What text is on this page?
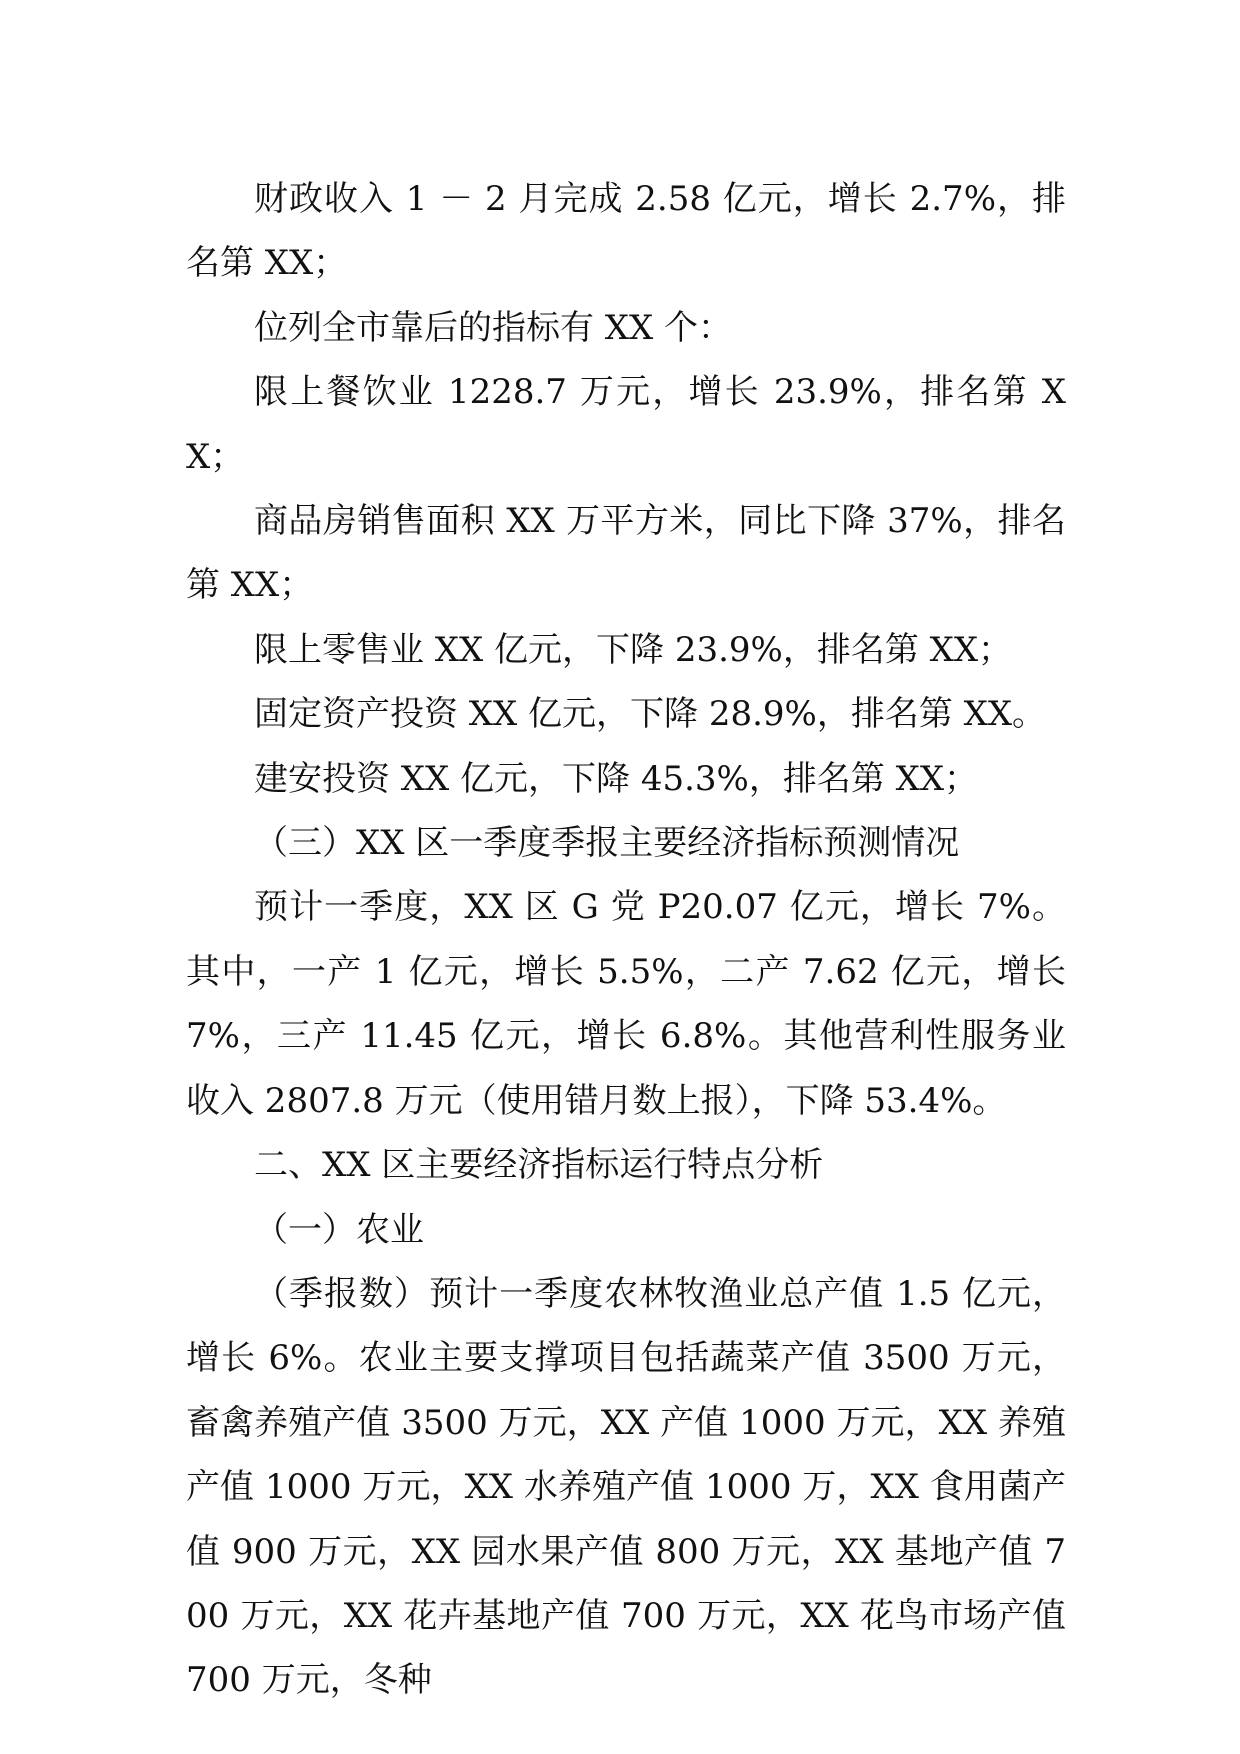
财政收入 1 － 2 月完成 2.58 亿元，增长 2.7%，排名第 XX；

位列全市靠后的指标有 XX 个：

限上餐饮业 1228.7 万元，增长 23.9%，排名第 XX；

商品房销售面积 XX 万平方米，同比下降 37%，排名第 XX；

限上零售业 XX 亿元，下降 23.9%，排名第 XX；

固定资产投资 XX 亿元，下降 28.9%，排名第 XX。

建安投资 XX 亿元，下降 45.3%，排名第 XX；

（三）XX 区一季度季报主要经济指标预测情况

预计一季度，XX 区 G 党 P20.07 亿元，增长 7%。其中，一产 1 亿元，增长 5.5%，二产 7.62 亿元，增长 7%，三产 11.45 亿元，增长 6.8%。其他营利性服务业收入 2807.8 万元（使用错月数上报），下降 53.4%。

二、XX 区主要经济指标运行特点分析

（一）农业

（季报数）预计一季度农林牧渔业总产值 1.5 亿元，增长 6%。农业主要支撑项目包括蔬菜产值 3500 万元，畜禽养殖产值 3500 万元，XX 产值 1000 万元，XX 养殖产值 1000 万元，XX 水养殖产值 1000 万，XX 食用菌产值 900 万元，XX 园水果产值 800 万元，XX 基地产值 700 万元，XX 花卉基地产值 700 万元，XX 花鸟市场产值 700 万元，冬种
